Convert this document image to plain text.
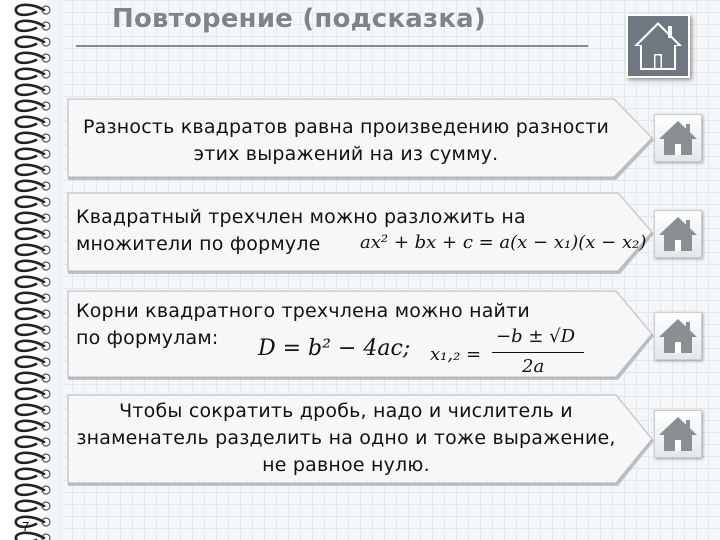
7
Повторение (подсказка)
Разность квадратов равна произведению разности этих выражений на из сумму.
Квадратный трехчлен можно разложить на
множители по формуле	ax² + bx + c = a(x − x₁)(x − x₂)
Корни квадратного трехчлена можно найти
по формулам:	D = b² − 4ac; x₁,₂ =
−b ± √D
2a
Чтобы сократить дробь, надо и числитель и знаменатель разделить на одно и тоже выражение, не равное нулю.
